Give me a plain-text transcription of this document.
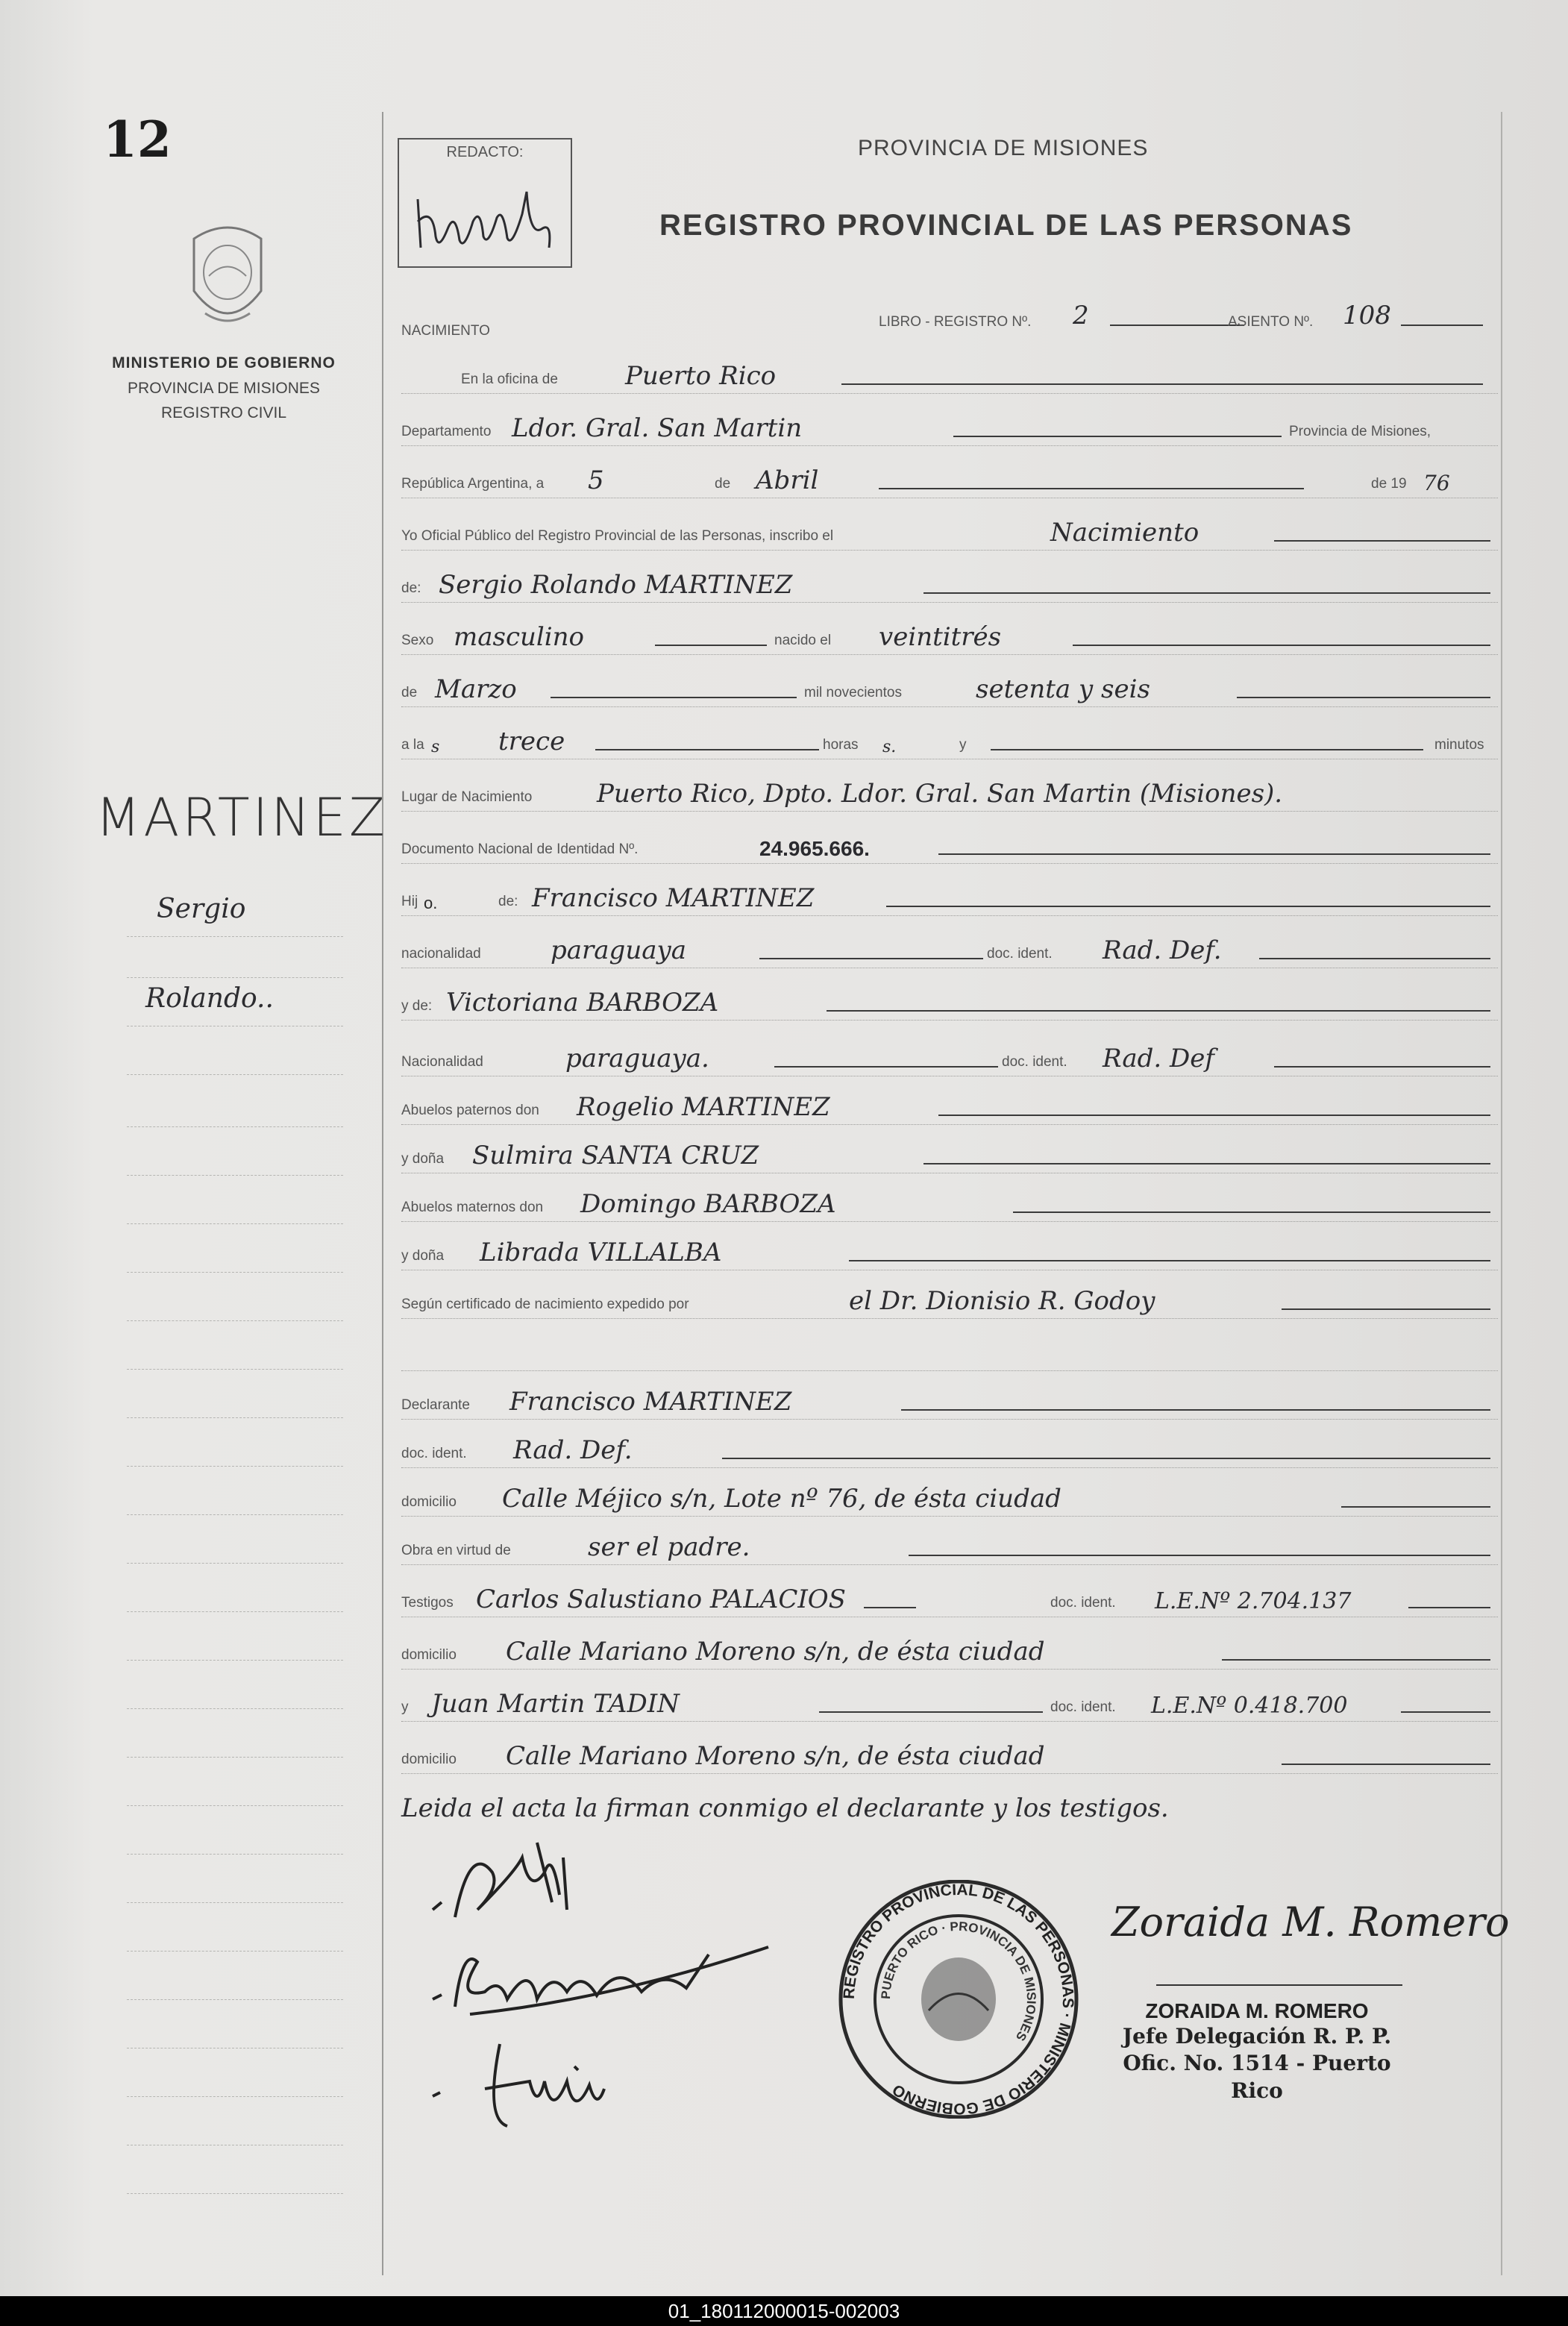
12
MINISTERIO DE GOBIERNO
PROVINCIA DE MISIONES
REGISTRO CIVIL
MARTINEZ
Sergio
Rolando..
REDACTO:	PROVINCIA DE MISIONES
REGISTRO PROVINCIAL DE LAS PERSONAS
NACIMIENTO
LIBRO - REGISTRO Nº. 2	ASIENTO Nº. 108
En la oficina de	Puerto Rico
Departamento Ldor. Gral. San Martin	Provincia de Misiones,
República Argentina, a 5	de Abril	de 19 76
Yo Oficial Público del Registro Provincial de las Personas, inscribo el	Nacimiento
de: Sergio Rolando MARTINEZ
Sexo masculino	nacido el veintitrés
de Marzo	mil novecientos	setenta y seis
a la s trece	horas s.	y	minutos
Lugar de Nacimiento	Puerto Rico, Dpto. Ldor. Gral. San Martin (Misiones).
Documento Nacional de Identidad Nº.	24.965.666.
Hij o.	de: Francisco MARTINEZ
nacionalidad	paraguaya	doc. ident. Rad. Def.
y de: Victoriana BARBOZA
Nacionalidad	paraguaya.	doc. ident. Rad. Def
Abuelos paternos don Rogelio MARTINEZ
y doña Sulmira SANTA CRUZ
Abuelos maternos don Domingo BARBOZA
y doña Librada VILLALBA
Según certificado de nacimiento expedido por	el Dr. Dionisio R. Godoy
Declarante Francisco MARTINEZ
doc. ident. Rad. Def.
domicilio Calle Méjico s/n, Lote nº 76, de ésta ciudad
Obra en virtud de	ser el padre.
Testigos Carlos Salustiano PALACIOS	doc. ident. L.E.Nº 2.704.137
domicilio Calle Mariano Moreno s/n, de ésta ciudad
y Juan Martin TADIN	doc. ident. L.E.Nº 0.418.700
domicilio Calle Mariano Moreno s/n, de ésta ciudad
Leida el acta la firman conmigo el declarante y los testigos.
REGISTRO PROVINCIAL DE LAS PERSONAS · MINISTERIO DE GOBIERNO
PUERTO RICO · PROVINCIA DE MISIONES
Zoraida M. Romero
ZORAIDA M. ROMERO
Jefe Delegación R. P. P.
Ofic. No. 1514 - Puerto Rico
01_180112000015-002003
